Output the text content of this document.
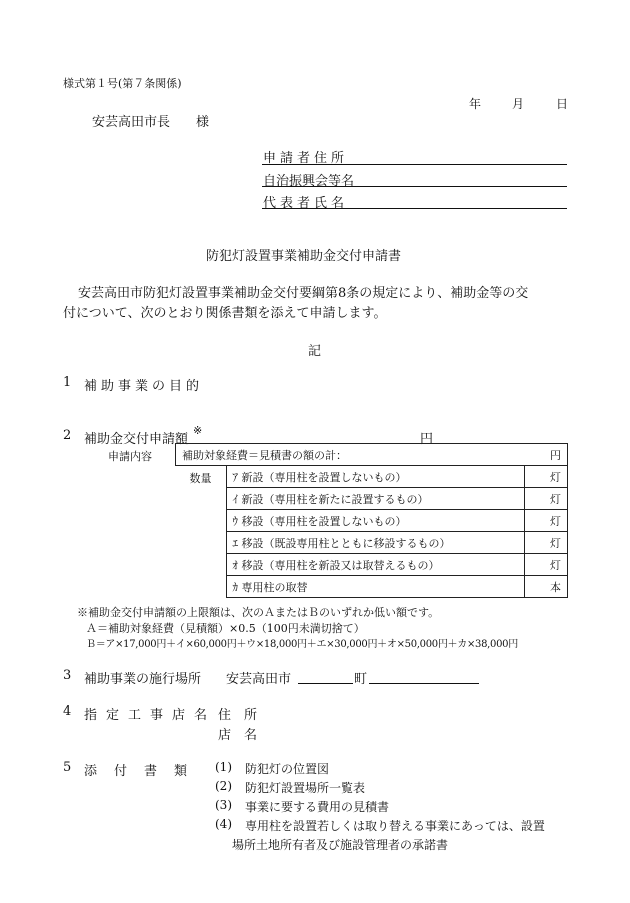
様式第１号(第７条関係)
年	月	日
安芸高田市長　　様
申請者住所
自治振興会等名
代表者氏名
防犯灯設置事業補助金交付申請書
安芸高田市防犯灯設置事業補助金交付要綱第8条の規定により、補助金等の交
付について、次のとおり関係書類を添えて申請します。
記
1 補助事業の目的
2 補助金交付申請額
※
円
申請内容	補助対象経費＝見積書の額の計： 円		

数量	ｱ 新設（専用柱を設置しないもの）	灯
	ｲ 新設（専用柱を新たに設置するもの）	灯
	ｳ 移設（専用柱を設置しないもの）	灯
	ｴ 移設（既設専用柱とともに移設するもの）	灯
	ｵ 移設（専用柱を新設又は取替えるもの）	灯
	ｶ 専用柱の取替	本
※補助金交付申請額の上限額は、次のＡまたはＢのいずれか低い額です。
Ａ＝補助対象経費（見積額）×0.5（100円未満切捨て）
Ｂ＝ア×17,000円＋イ×60,000円＋ウ×18,000円＋エ×30,000円＋オ×50,000円＋カ×38,000円
3 補助事業の施行場所 安芸高田市	町
4 指定工事店名 住　所
店　名
5 添付書類 (1) 防犯灯の位置図
(2) 防犯灯設置場所一覧表
(3) 事業に要する費用の見積書
(4) 専用柱を設置若しくは取り替える事業にあっては、設置
場所土地所有者及び施設管理者の承諾書
